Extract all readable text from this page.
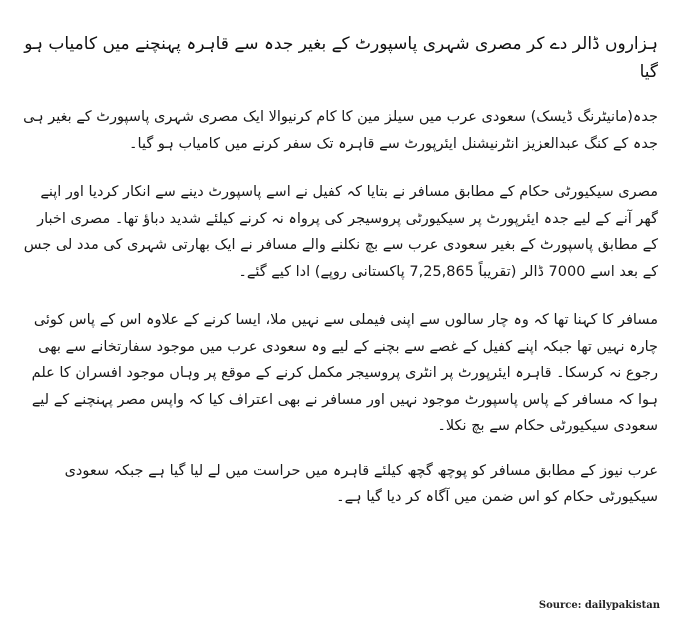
ہزاروں ڈالر دے کر مصری شہری پاسپورٹ کے بغیر جدہ سے قاہرہ پہنچنے میں کامیاب ہو گیا

جدہ(مانیٹرنگ ڈیسک) سعودی عرب میں سیلز مین کا کام کرنیوالا ایک مصری شہری پاسپورٹ کے بغیر ہی جدہ کے کنگ عبدالعزیز انٹرنیشنل ایئرپورٹ سے قاہرہ تک سفر کرنے میں کامیاب ہو گیا۔

مصری سیکیورٹی حکام کے مطابق مسافر نے بتایا کہ کفیل نے اسے پاسپورٹ دینے سے انکار کردیا اور اپنے گھر آنے کے لیے جدہ ایئرپورٹ پر سیکیورٹی پروسیجر کی پرواہ نہ کرنے کیلئے شدید دباؤ تھا۔ مصری اخبار کے مطابق پاسپورٹ کے بغیر سعودی عرب سے بچ نکلنے والے مسافر نے ایک بھارتی شہری کی مدد لی جس کے بعد اسے 7000 ڈالر (تقریباً 7,25,865 پاکستانی روپے) ادا کیے گئے۔

مسافر کا کہنا تھا کہ وہ چار سالوں سے اپنی فیملی سے نہیں ملا، ایسا کرنے کے علاوہ اس کے پاس کوئی چارہ نہیں تھا جبکہ اپنے کفیل کے غصے سے بچنے کے لیے وہ سعودی عرب میں موجود سفارتخانے سے بھی رجوع نہ کرسکا۔ قاہرہ ایئرپورٹ پر انٹری پروسیجر مکمل کرنے کے موقع پر وہاں موجود افسران کا علم ہوا کہ مسافر کے پاس پاسپورٹ موجود نہیں اور مسافر نے بھی اعتراف کیا کہ واپس مصر پہنچنے کے لیے سعودی سیکیورٹی حکام سے بچ نکلا۔

عرب نیوز کے مطابق مسافر کو پوچھ گچھ کیلئے قاہرہ میں حراست میں لے لیا گیا ہے جبکہ سعودی سیکیورٹی حکام کو اس ضمن میں آگاہ کر دیا گیا ہے۔

Source: dailypakistan
